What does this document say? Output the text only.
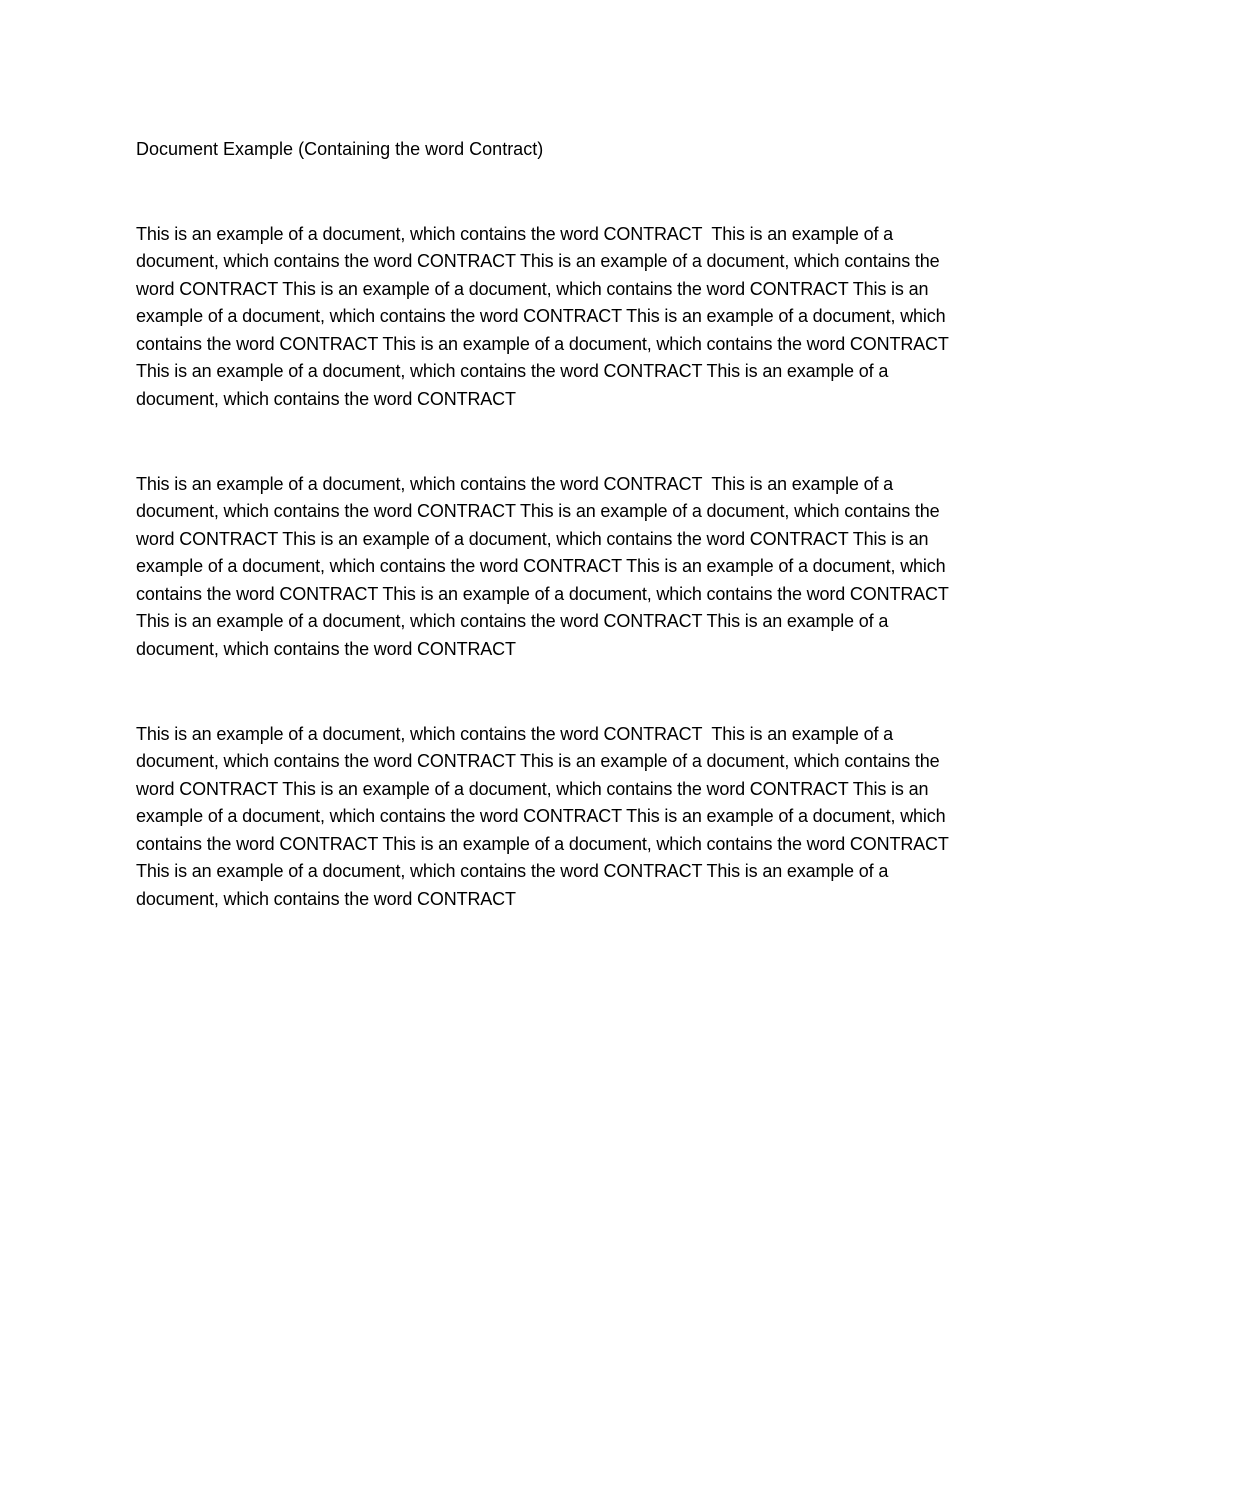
Document Example (Containing the word Contract)
This is an example of a document, which contains the word CONTRACT  This is an example of a
document, which contains the word CONTRACT This is an example of a document, which contains the
word CONTRACT This is an example of a document, which contains the word CONTRACT This is an
example of a document, which contains the word CONTRACT This is an example of a document, which
contains the word CONTRACT This is an example of a document, which contains the word CONTRACT
This is an example of a document, which contains the word CONTRACT This is an example of a
document, which contains the word CONTRACT
This is an example of a document, which contains the word CONTRACT  This is an example of a
document, which contains the word CONTRACT This is an example of a document, which contains the
word CONTRACT This is an example of a document, which contains the word CONTRACT This is an
example of a document, which contains the word CONTRACT This is an example of a document, which
contains the word CONTRACT This is an example of a document, which contains the word CONTRACT
This is an example of a document, which contains the word CONTRACT This is an example of a
document, which contains the word CONTRACT
This is an example of a document, which contains the word CONTRACT  This is an example of a
document, which contains the word CONTRACT This is an example of a document, which contains the
word CONTRACT This is an example of a document, which contains the word CONTRACT This is an
example of a document, which contains the word CONTRACT This is an example of a document, which
contains the word CONTRACT This is an example of a document, which contains the word CONTRACT
This is an example of a document, which contains the word CONTRACT This is an example of a
document, which contains the word CONTRACT
